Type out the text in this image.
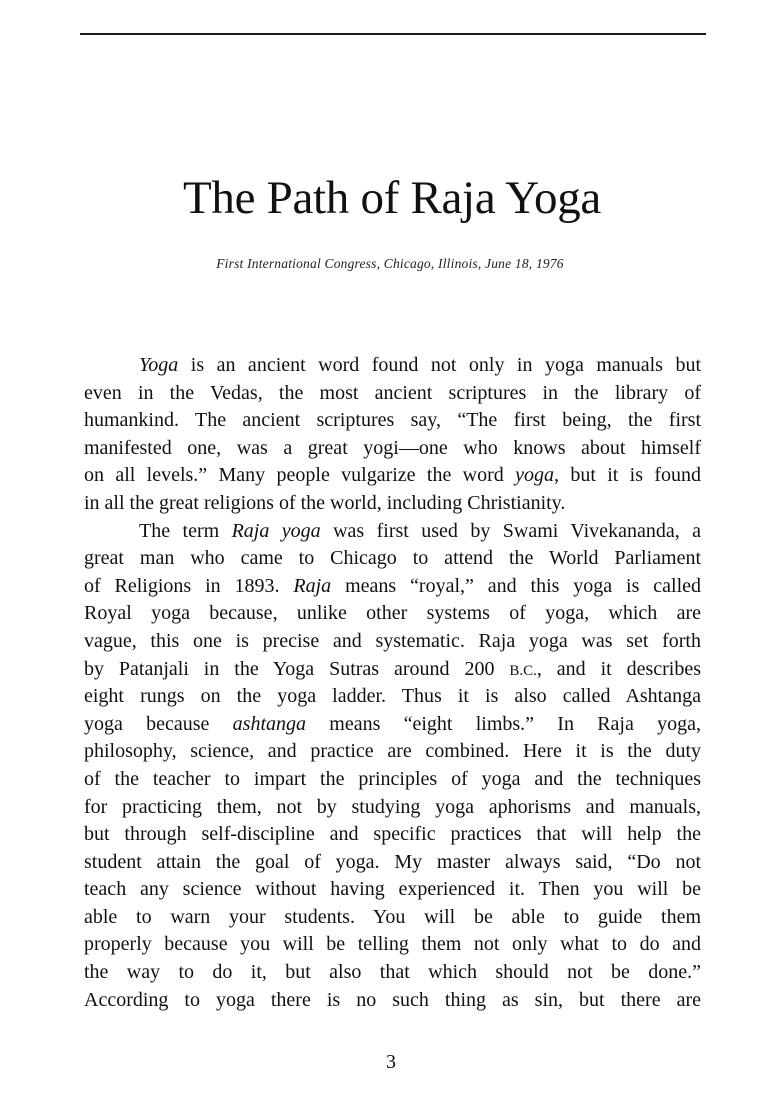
The Path of Raja Yoga
First International Congress, Chicago, Illinois, June 18, 1976
Yoga is an ancient word found not only in yoga manuals but
even in the Vedas, the most ancient scriptures in the library of
humankind. The ancient scriptures say, “The first being, the first
manifested one, was a great yogi—one who knows about himself
on all levels.” Many people vulgarize the word yoga, but it is found
in all the great religions of the world, including Christianity.
The term Raja yoga was first used by Swami Vivekananda, a
great man who came to Chicago to attend the World Parliament
of Religions in 1893. Raja means “royal,” and this yoga is called
Royal yoga because, unlike other systems of yoga, which are
vague, this one is precise and systematic. Raja yoga was set forth
by Patanjali in the Yoga Sutras around 200 B.C., and it describes
eight rungs on the yoga ladder. Thus it is also called Ashtanga
yoga because ashtanga means “eight limbs.” In Raja yoga,
philosophy, science, and practice are combined. Here it is the duty
of the teacher to impart the principles of yoga and the techniques
for practicing them, not by studying yoga aphorisms and manuals,
but through self-discipline and specific practices that will help the
student attain the goal of yoga. My master always said, “Do not
teach any science without having experienced it. Then you will be
able to warn your students. You will be able to guide them
properly because you will be telling them not only what to do and
the way to do it, but also that which should not be done.”
According to yoga there is no such thing as sin, but there are
3
